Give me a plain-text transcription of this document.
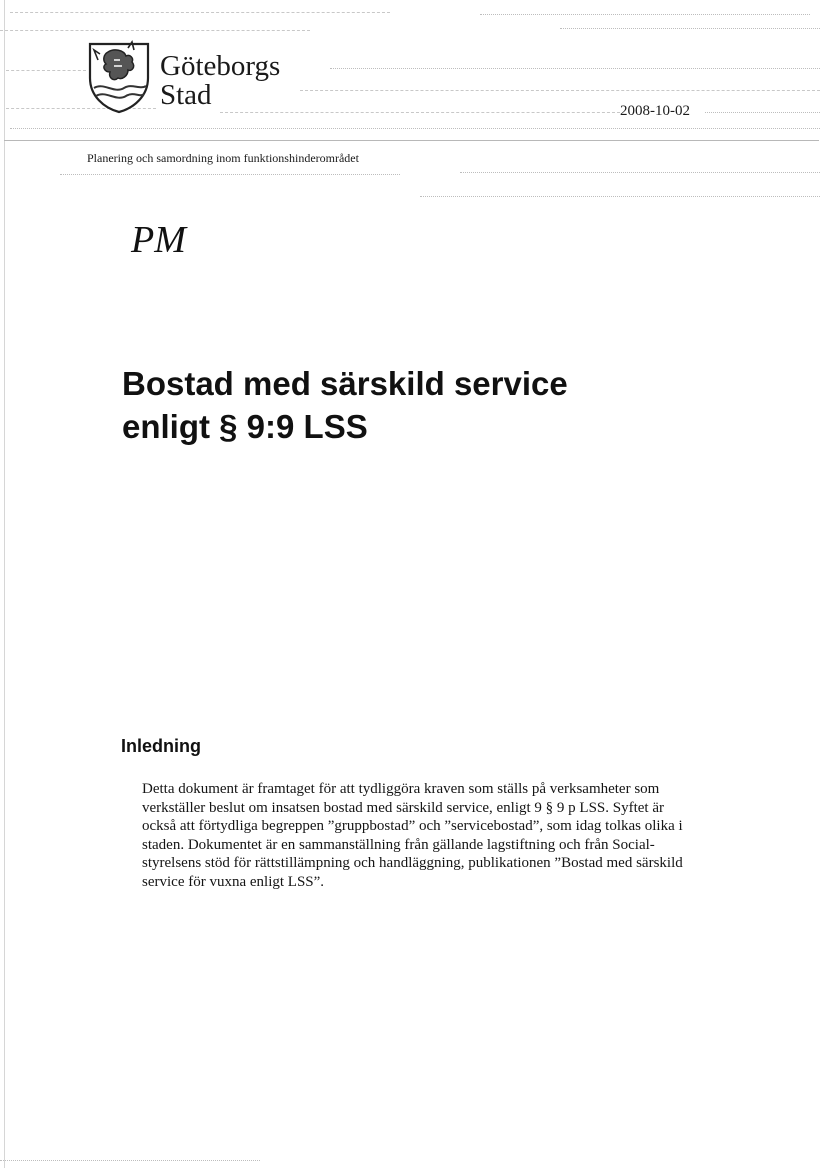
Göteborgs
Stad	2008-10-02
Planering och samordning inom funktionshinderområdet
PM
Bostad med särskild service
enligt § 9:9 LSS
Inledning
Detta dokument är framtaget för att tydliggöra kraven som ställs på verksamheter som
verkställer beslut om insatsen bostad med särskild service, enligt 9 § 9 p LSS. Syftet är
också att förtydliga begreppen ”gruppbostad” och ”servicebostad”, som idag tolkas olika i
staden. Dokumentet är en sammanställning från gällande lagstiftning och från Social-
styrelsens stöd för rättstillämpning och handläggning, publikationen ”Bostad med särskild
service för vuxna enligt LSS”.
